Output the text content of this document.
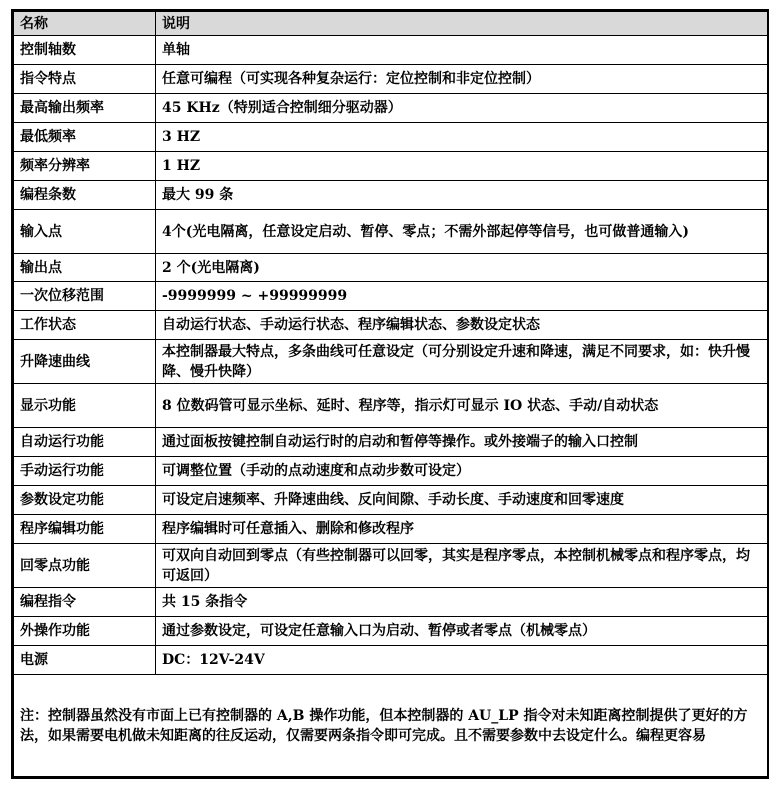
名称	说明
控制轴数	单轴
指令特点	任意可编程（可实现各种复杂运行：定位控制和非定位控制）
最高输出频率	45 KHz（特别适合控制细分驱动器）
最低频率	3 HZ
频率分辨率	1 HZ
编程条数	最大 99 条
输入点	4个(光电隔离，任意设定启动、暂停、零点；不需外部起停等信号，也可做普通输入)
输出点	2 个(光电隔离)
一次位移范围	-9999999 ~ +99999999
工作状态	自动运行状态、手动运行状态、程序编辑状态、参数设定状态
升降速曲线	本控制器最大特点，多条曲线可任意设定（可分别设定升速和降速，满足不同要求，如：快升慢降、慢升快降）
显示功能	8 位数码管可显示坐标、延时、程序等，指示灯可显示 IO 状态、手动/自动状态
自动运行功能	通过面板按键控制自动运行时的启动和暂停等操作。或外接端子的输入口控制
手动运行功能	可调整位置（手动的点动速度和点动步数可设定）
参数设定功能	可设定启速频率、升降速曲线、反向间隙、手动长度、手动速度和回零速度
程序编辑功能	程序编辑时可任意插入、删除和修改程序
回零点功能	可双向自动回到零点（有些控制器可以回零，其实是程序零点，本控制机械零点和程序零点，均可返回）
编程指令	共 15 条指令
外操作功能	通过参数设定，可设定任意输入口为启动、暂停或者零点（机械零点）
电源	DC：12V-24V
注：控制器虽然没有市面上已有控制器的 A,B 操作功能，但本控制器的 AU_LP 指令对未知距离控制提供了更好的方法，如果需要电机做未知距离的往反运动，仅需要两条指令即可完成。且不需要参数中去设定什么。编程更容易	
